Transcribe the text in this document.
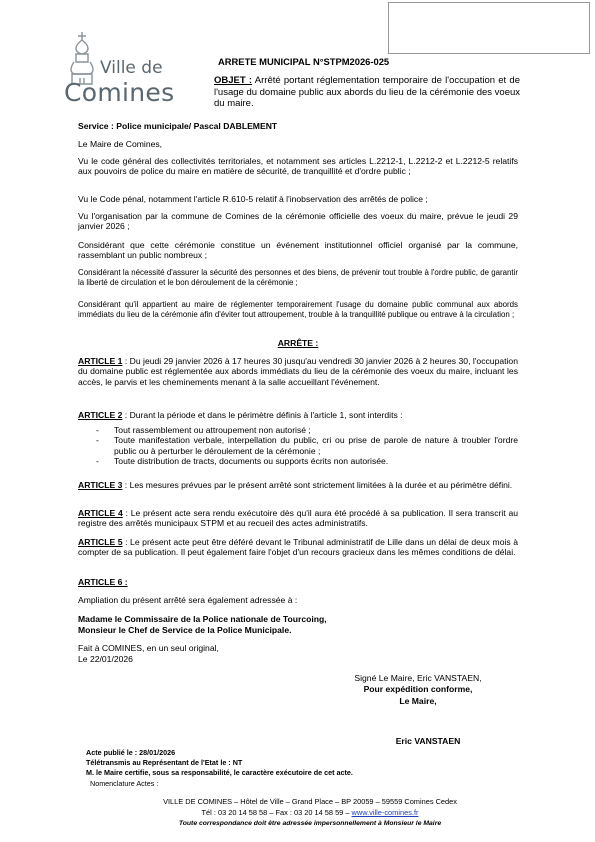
Ville de
Comines
ARRETE MUNICIPAL N°STPM2026-025
OBJET : Arrêté portant réglementation temporaire de l'occupation et de l'usage du domaine public aux abords du lieu de la cérémonie des voeux du maire.
Service : Police municipale/ Pascal DABLEMENT
Le Maire de Comines,
Vu le code général des collectivités territoriales, et notamment ses articles L.2212-1, L.2212-2 et L.2212-5 relatifs aux pouvoirs de police du maire en matière de sécurité, de tranquillité et d'ordre public ;
Vu le Code pénal, notamment l'article R.610-5 relatif à l'inobservation des arrêtés de police ;
Vu l'organisation par la commune de Comines de la cérémonie officielle des voeux du maire, prévue le jeudi 29 janvier 2026 ;
Considérant que cette cérémonie constitue un événement institutionnel officiel organisé par la commune, rassemblant un public nombreux ;
Considérant la nécessité d'assurer la sécurité des personnes et des biens, de prévenir tout trouble à l'ordre public, de garantir la liberté de circulation et le bon déroulement de la cérémonie ;
Considérant qu'il appartient au maire de réglementer temporairement l'usage du domaine public communal aux abords immédiats du lieu de la cérémonie afin d'éviter tout attroupement, trouble à la tranquillité publique ou entrave à la circulation ;
ARRÊTE :
ARTICLE 1 : Du jeudi 29 janvier 2026 à 17 heures 30 jusqu'au vendredi 30 janvier 2026 à 2 heures 30, l'occupation du domaine public est réglementée aux abords immédiats du lieu de la cérémonie des voeux du maire, incluant les accès, le parvis et les cheminements menant à la salle accueillant l'événement.
ARTICLE 2 : Durant la période et dans le périmètre définis à l'article 1, sont interdits :
- Tout rassemblement ou attroupement non autorisé ;
- Toute manifestation verbale, interpellation du public, cri ou prise de parole de nature à troubler l'ordre public ou à perturber le déroulement de la cérémonie ;
- Toute distribution de tracts, documents ou supports écrits non autorisée.
ARTICLE 3 : Les mesures prévues par le présent arrêté sont strictement limitées à la durée et au périmètre défini.
ARTICLE 4 : Le présent acte sera rendu exécutoire dès qu'il aura été procédé à sa publication. Il sera transcrit au registre des arrêtés municipaux STPM et au recueil des actes administratifs.
ARTICLE 5 : Le présent acte peut être déféré devant le Tribunal administratif de Lille dans un délai de deux mois à compter de sa publication. Il peut également faire l'objet d'un recours gracieux dans les mêmes conditions de délai.
ARTICLE 6 :
Ampliation du présent arrêté sera également adressée à :
Madame le Commissaire de la Police nationale de Tourcoing,
Monsieur le Chef de Service de la Police Municipale.
Fait à COMINES, en un seul original,
Le 22/01/2026
Signé Le Maire, Eric VANSTAEN,
Pour expédition conforme,
Le Maire,
Eric VANSTAEN
Acte publié le : 28/01/2026
Télétransmis au Représentant de l'Etat le : NT
M. le Maire certifie, sous sa responsabilité, le caractère exécutoire de cet acte.
Nomenclature Actes :
VILLE DE COMINES – Hôtel de Ville – Grand Place – BP 20059 – 59559 Comines Cedex
Tél : 03 20 14 58 58 – Fax : 03 20 14 58 59 – www.ville-comines.fr
Toute correspondance doit être adressée impersonnellement à Monsieur le Maire
